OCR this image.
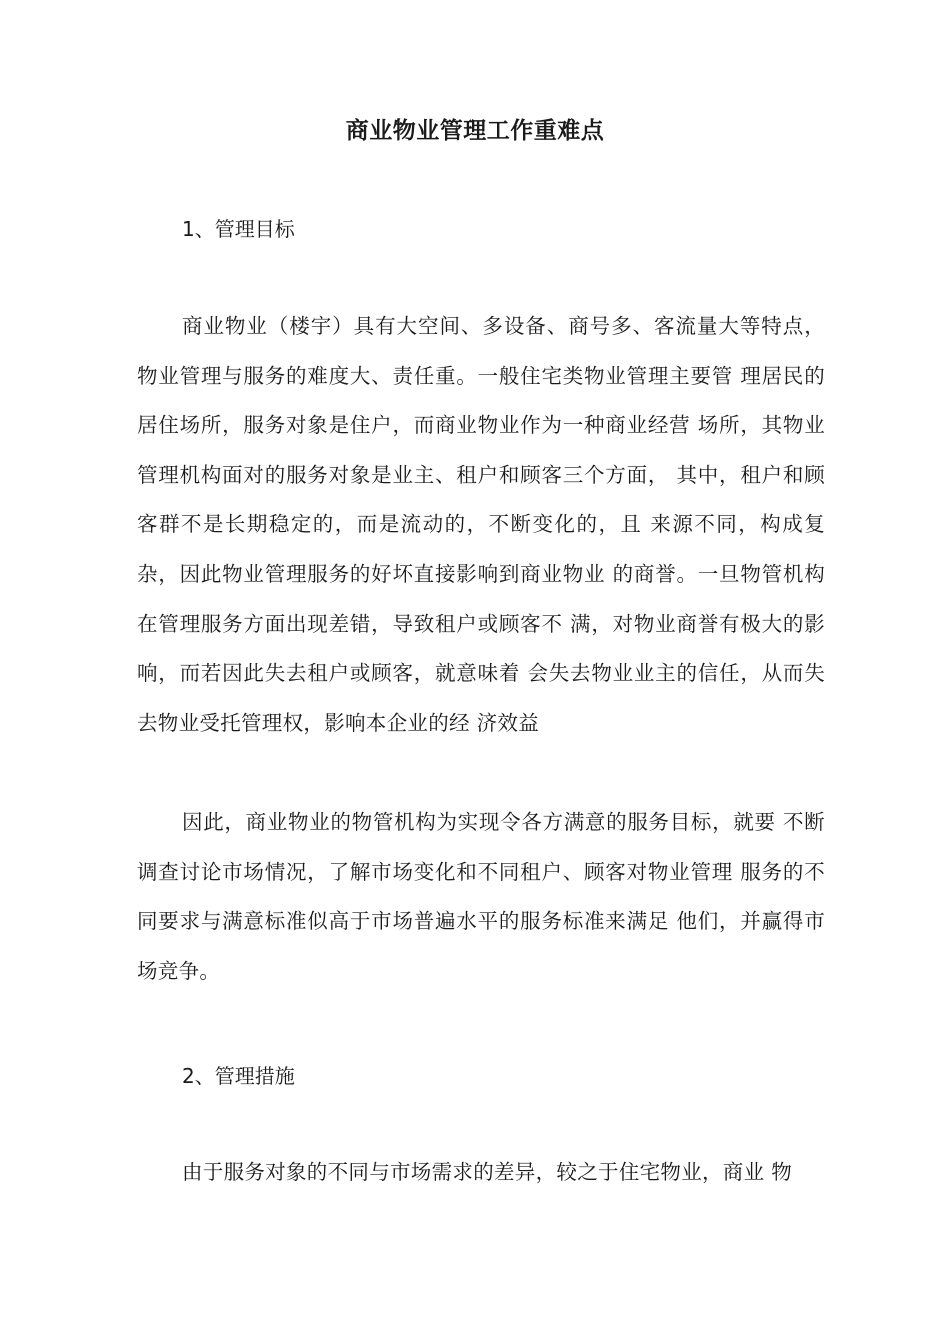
商业物业管理工作重难点
1、管理目标

商业物业（楼宇）具有大空间、多设备、商号多、客流量大等特点，物业管理与服务的难度大、责任重。一般住宅类物业管理主要管 理居民的居住场所，服务对象是住户，而商业物业作为一种商业经营 场所，其物业管理机构面对的服务对象是业主、租户和顾客三个方面， 其中，租户和顾客群不是长期稳定的，而是流动的，不断变化的，且 来源不同，构成复杂，因此物业管理服务的好坏直接影响到商业物业 的商誉。一旦物管机构在管理服务方面出现差错，导致租户或顾客不 满，对物业商誉有极大的影响，而若因此失去租户或顾客，就意味着 会失去物业业主的信任，从而失去物业受托管理权，影响本企业的经 济效益

因此，商业物业的物管机构为实现令各方满意的服务目标，就要 不断调查讨论市场情况，了解市场变化和不同租户、顾客对物业管理 服务的不同要求与满意标准似高于市场普遍水平的服务标准来满足 他们，并赢得市场竞争。

2、管理措施

由于服务对象的不同与市场需求的差异，较之于住宅物业，商业 物
